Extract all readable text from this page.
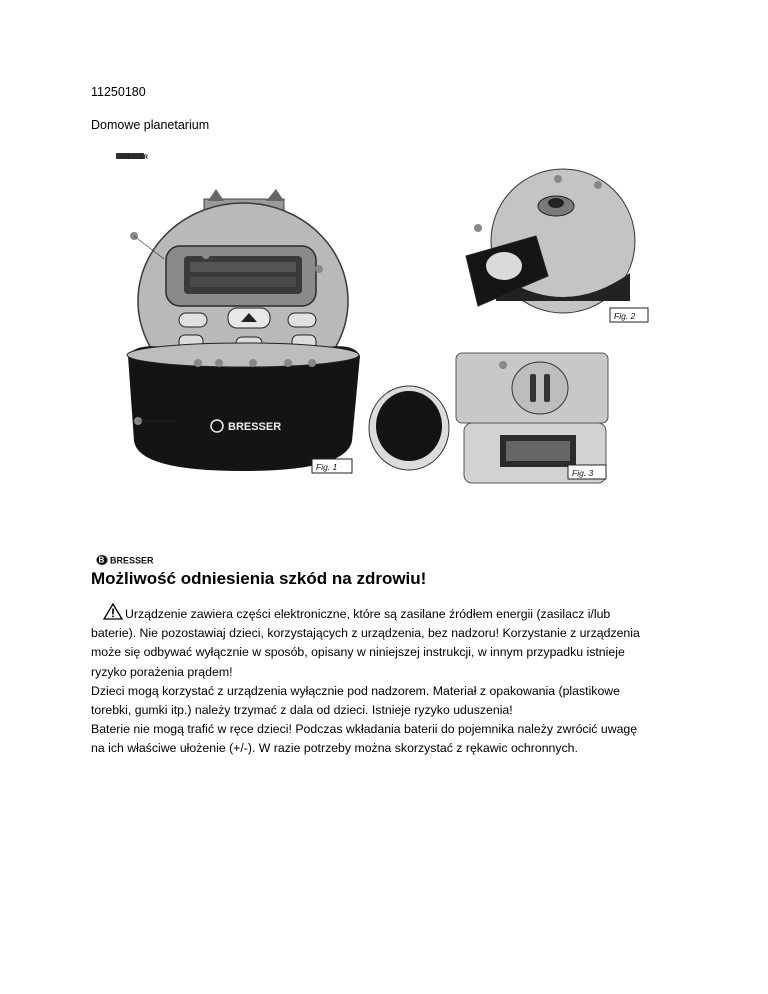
11250180
Domowe planetarium
BRESSER
BRESSER
Fig. 1
Fig. 2
Fig. 3
B BRESSER
Możliwość odniesienia szkód na zdrowiu!

Urządzenie zawiera części elektroniczne, które są zasilane źródłem energii (zasilacz i/lub

baterie). Nie pozostawiaj dzieci, korzystających z urządzenia, bez nadzoru! Korzystanie z urządzenia

może się odbywać wyłącznie w sposób, opisany w niniejszej instrukcji, w innym przypadku istnieje

ryzyko porażenia prądem!

Dzieci mogą korzystać z urządzenia wyłącznie pod nadzorem. Materiał z opakowania (plastikowe

torebki, gumki itp.) należy trzymać z dala od dzieci. Istnieje ryzyko uduszenia!

Baterie nie mogą trafić w ręce dzieci! Podczas wkładania baterii do pojemnika należy zwrócić uwagę

na ich właściwe ułożenie (+/-). W razie potrzeby można skorzystać z rękawic ochronnych.
